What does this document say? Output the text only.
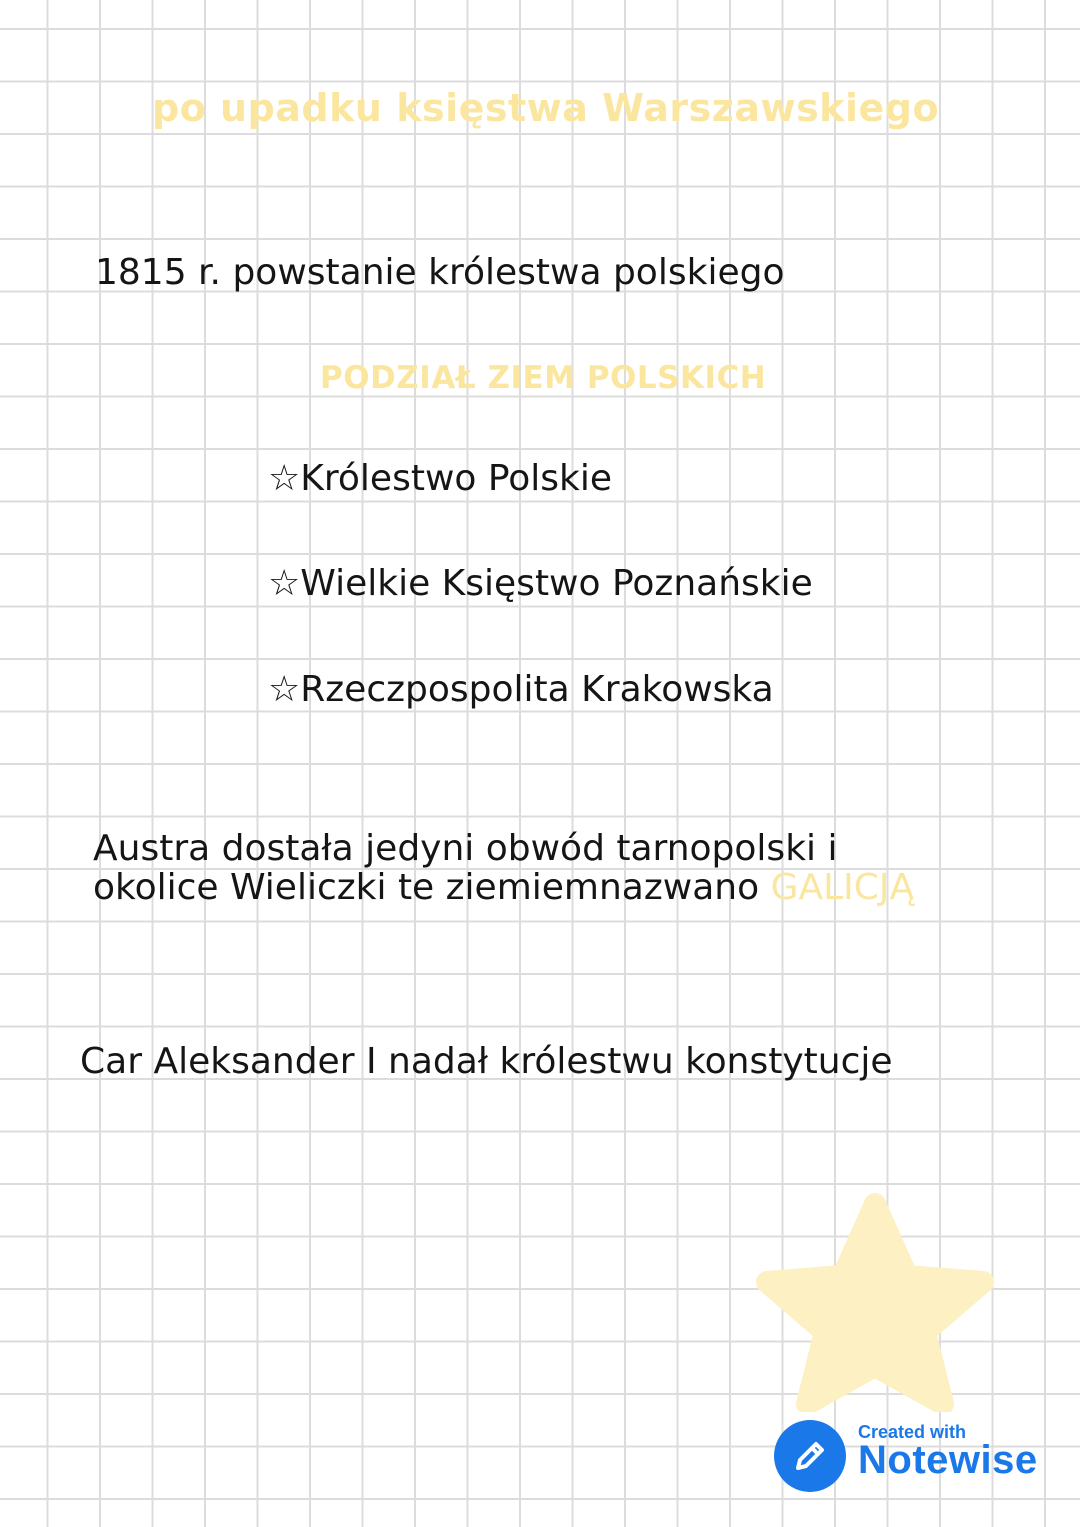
po upadku księstwa Warszawskiego
1815 r. powstanie królestwa polskiego
PODZIAŁ ZIEM POLSKICH
☆Królestwo Polskie
☆Wielkie Księstwo Poznańskie
☆Rzeczpospolita Krakowska
Austra dostała jedyni obwód tarnopolski i
okolice Wieliczki te ziemiemnazwano GALICJĄ
Car Aleksander I nadał królestwu konstytucje
Created with
Notewise
